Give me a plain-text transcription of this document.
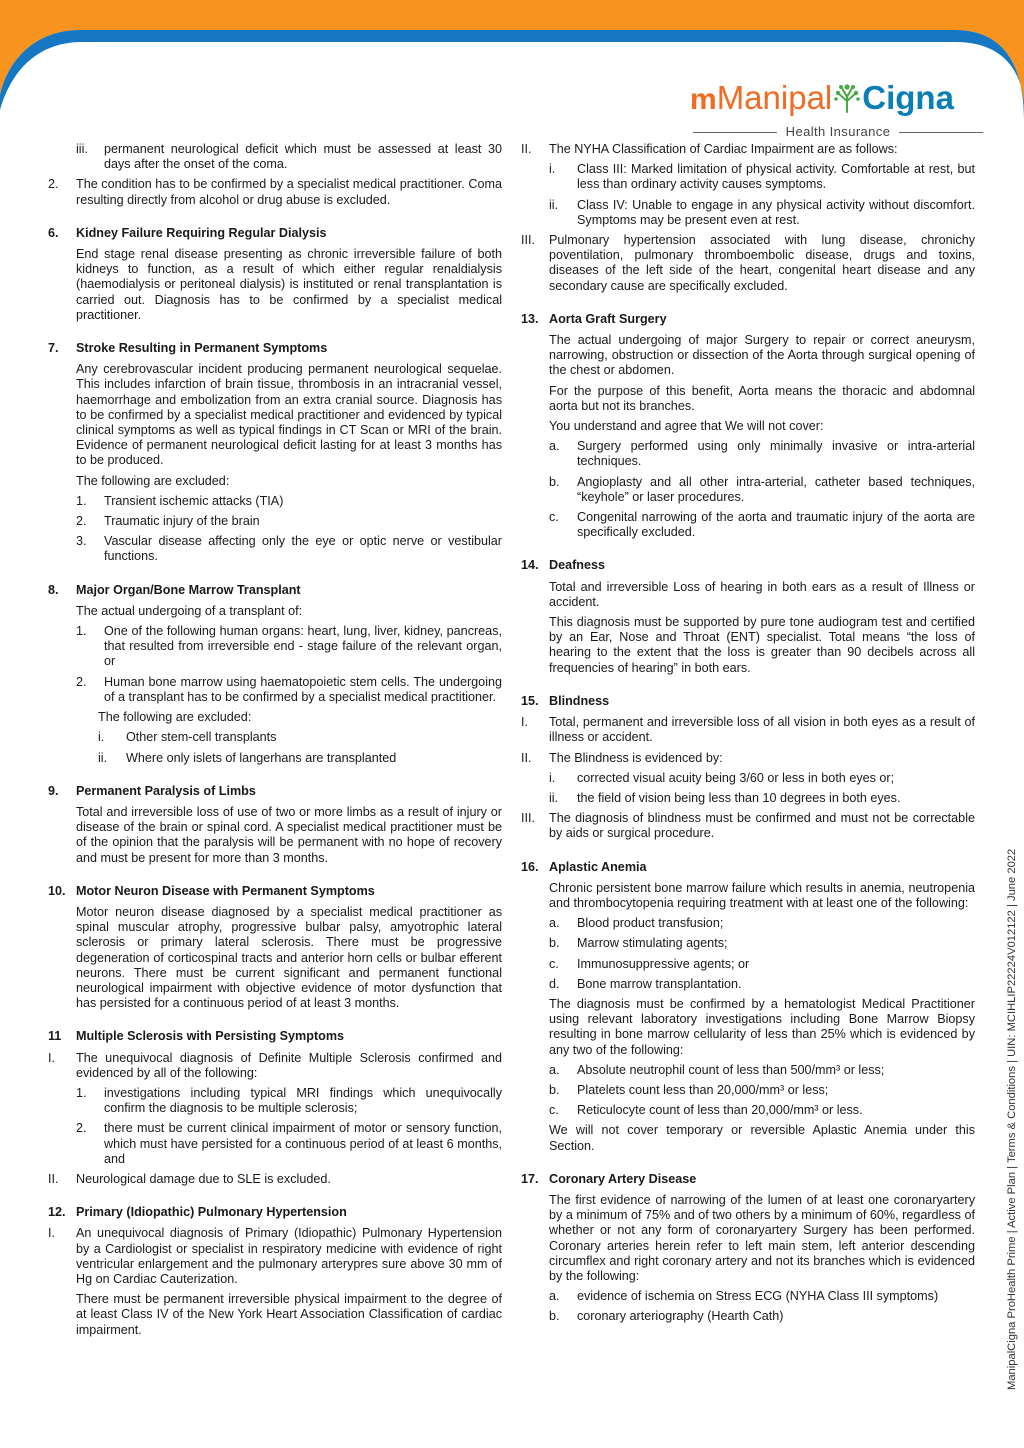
mManipal Cigna
Health Insurance
iii. permanent neurological deficit which must be assessed at least 30 days after the onset of the coma.
2. The condition has to be confirmed by a specialist medical practitioner. Coma resulting directly from alcohol or drug abuse is excluded.
6. Kidney Failure Requiring Regular Dialysis
End stage renal disease presenting as chronic irreversible failure of both kidneys to function, as a result of which either regular renaldialysis (haemodialysis or peritoneal dialysis) is instituted or renal transplantation is carried out. Diagnosis has to be confirmed by a specialist medical practitioner.
7. Stroke Resulting in Permanent Symptoms
Any cerebrovascular incident producing permanent neurological sequelae. This includes infarction of brain tissue, thrombosis in an intracranial vessel, haemorrhage and embolization from an extra cranial source. Diagnosis has to be confirmed by a specialist medical practitioner and evidenced by typical clinical symptoms as well as typical findings in CT Scan or MRI of the brain. Evidence of permanent neurological deficit lasting for at least 3 months has to be produced.
The following are excluded:
1. Transient ischemic attacks (TIA)
2. Traumatic injury of the brain
3. Vascular disease affecting only the eye or optic nerve or vestibular functions.
8. Major Organ/Bone Marrow Transplant
The actual undergoing of a transplant of:
1. One of the following human organs: heart, lung, liver, kidney, pancreas, that resulted from irreversible end - stage failure of the relevant organ, or
2. Human bone marrow using haematopoietic stem cells. The undergoing of a transplant has to be confirmed by a specialist medical practitioner.
The following are excluded:
i. Other stem-cell transplants
ii. Where only islets of langerhans are transplanted
9. Permanent Paralysis of Limbs
Total and irreversible loss of use of two or more limbs as a result of injury or disease of the brain or spinal cord. A specialist medical practitioner must be of the opinion that the paralysis will be permanent with no hope of recovery and must be present for more than 3 months.
10. Motor Neuron Disease with Permanent Symptoms
Motor neuron disease diagnosed by a specialist medical practitioner as spinal muscular atrophy, progressive bulbar palsy, amyotrophic lateral sclerosis or primary lateral sclerosis. There must be progressive degeneration of corticospinal tracts and anterior horn cells or bulbar efferent neurons. There must be current significant and permanent functional neurological impairment with objective evidence of motor dysfunction that has persisted for a continuous period of at least 3 months.
11 Multiple Sclerosis with Persisting Symptoms
I. The unequivocal diagnosis of Definite Multiple Sclerosis confirmed and evidenced by all of the following:
1. investigations including typical MRI findings which unequivocally confirm the diagnosis to be multiple sclerosis;
2. there must be current clinical impairment of motor or sensory function, which must have persisted for a continuous period of at least 6 months, and
II. Neurological damage due to SLE is excluded.
12. Primary (Idiopathic) Pulmonary Hypertension
I. An unequivocal diagnosis of Primary (Idiopathic) Pulmonary Hypertension by a Cardiologist or specialist in respiratory medicine with evidence of right ventricular enlargement and the pulmonary arterypres sure above 30 mm of Hg on Cardiac Cauterization.
There must be permanent irreversible physical impairment to the degree of at least Class IV of the New York Heart Association Classification of cardiac impairment.
II. The NYHA Classification of Cardiac Impairment are as follows:
i. Class III: Marked limitation of physical activity. Comfortable at rest, but less than ordinary activity causes symptoms.
ii. Class IV: Unable to engage in any physical activity without discomfort. Symptoms may be present even at rest.
III. Pulmonary hypertension associated with lung disease, chronichy poventilation, pulmonary thromboembolic disease, drugs and toxins, diseases of the left side of the heart, congenital heart disease and any secondary cause are specifically excluded.
13. Aorta Graft Surgery
The actual undergoing of major Surgery to repair or correct aneurysm, narrowing, obstruction or dissection of the Aorta through surgical opening of the chest or abdomen.
For the purpose of this benefit, Aorta means the thoracic and abdomnal aorta but not its branches.
You understand and agree that We will not cover:
a. Surgery performed using only minimally invasive or intra-arterial techniques.
b. Angioplasty and all other intra-arterial, catheter based techniques, “keyhole” or laser procedures.
c. Congenital narrowing of the aorta and traumatic injury of the aorta are specifically excluded.
14. Deafness
Total and irreversible Loss of hearing in both ears as a result of Illness or accident.
This diagnosis must be supported by pure tone audiogram test and certified by an Ear, Nose and Throat (ENT) specialist. Total means “the loss of hearing to the extent that the loss is greater than 90 decibels across all frequencies of hearing” in both ears.
15. Blindness
I. Total, permanent and irreversible loss of all vision in both eyes as a result of illness or accident.
II. The Blindness is evidenced by:
i. corrected visual acuity being 3/60 or less in both eyes or;
ii. the field of vision being less than 10 degrees in both eyes.
III. The diagnosis of blindness must be confirmed and must not be correctable by aids or surgical procedure.
16. Aplastic Anemia
Chronic persistent bone marrow failure which results in anemia, neutropenia and thrombocytopenia requiring treatment with at least one of the following:
a. Blood product transfusion;
b. Marrow stimulating agents;
c. Immunosuppressive agents; or
d. Bone marrow transplantation.
The diagnosis must be confirmed by a hematologist Medical Practitioner using relevant laboratory investigations including Bone Marrow Biopsy resulting in bone marrow cellularity of less than 25% which is evidenced by any two of the following:
a. Absolute neutrophil count of less than 500/mm³ or less;
b. Platelets count less than 20,000/mm³ or less;
c. Reticulocyte count of less than 20,000/mm³ or less.
We will not cover temporary or reversible Aplastic Anemia under this Section.
17. Coronary Artery Disease
The first evidence of narrowing of the lumen of at least one coronaryartery by a minimum of 75% and of two others by a minimum of 60%, regardless of whether or not any form of coronaryartery Surgery has been performed. Coronary arteries herein refer to left main stem, left anterior descending circumflex and right coronary artery and not its branches which is evidenced by the following:
a. evidence of ischemia on Stress ECG (NYHA Class III symptoms)
b. coronary arteriography (Hearth Cath)	ManipalCigna ProHealth Prime | Active Plan | Terms & Conditions | UIN: MCIHLIP22224V012122 | June 2022
